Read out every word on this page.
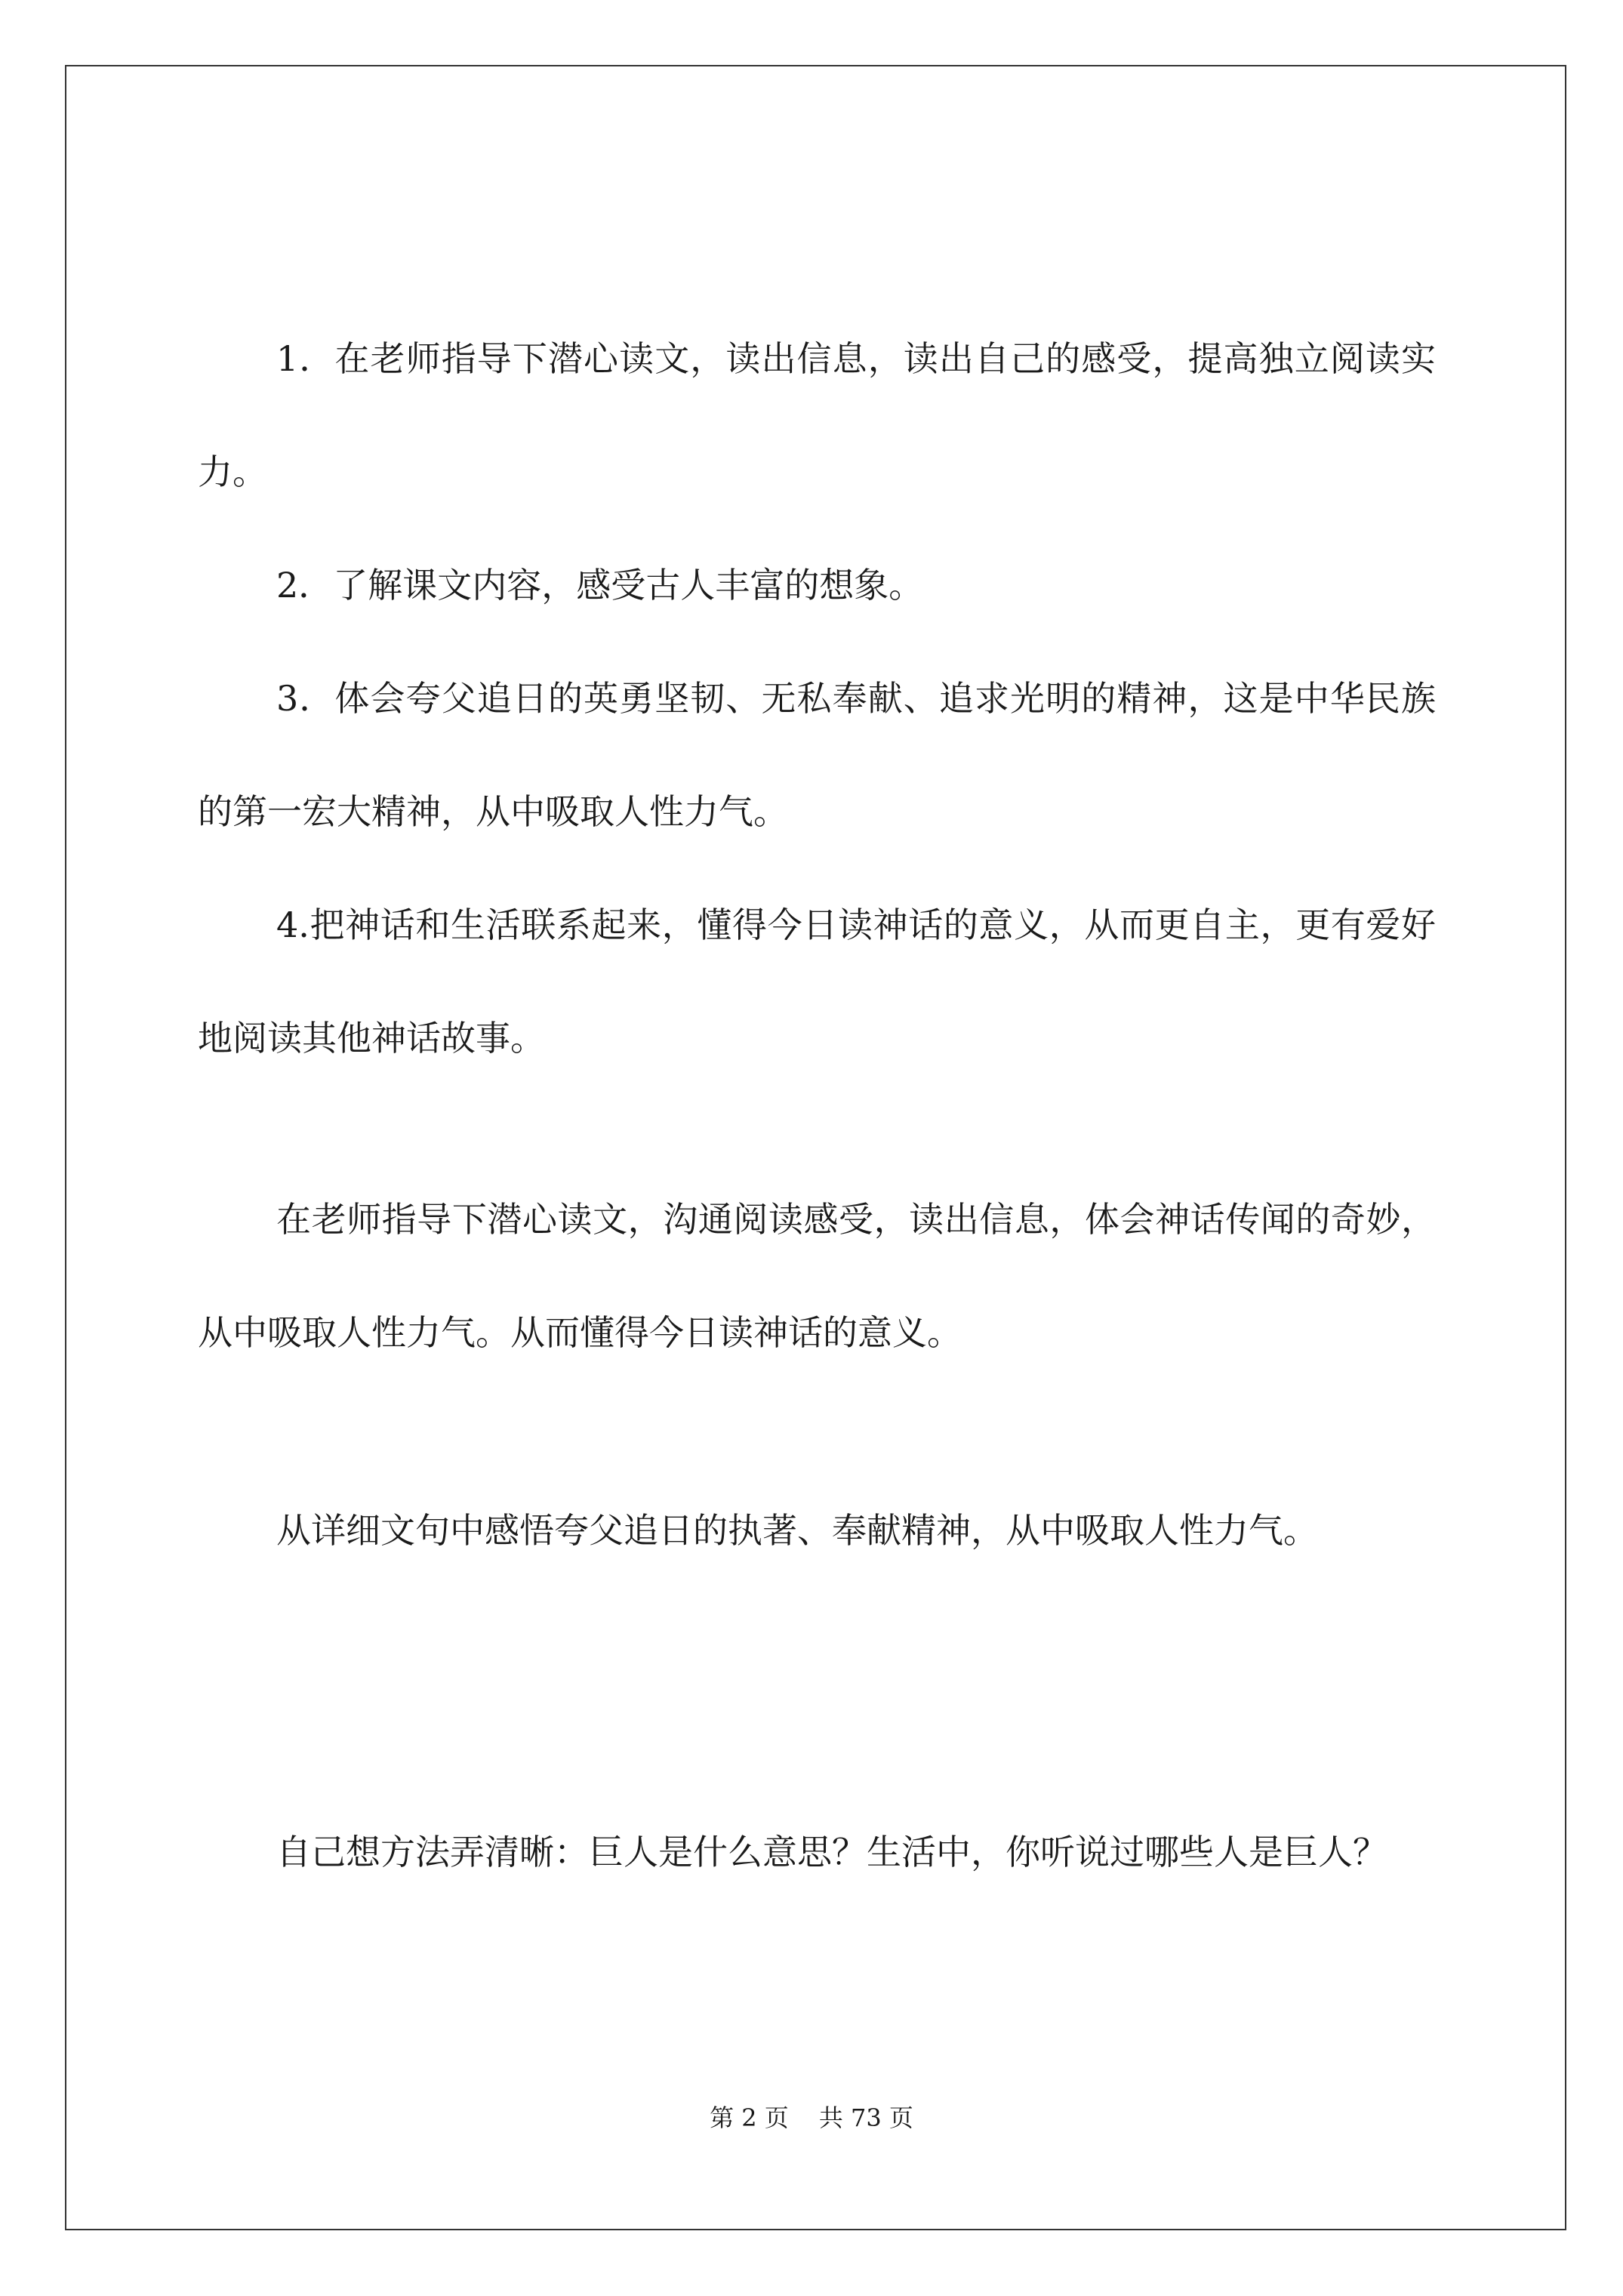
1．在老师指导下潜心读文，读出信息，读出自己的感受，提高独立阅读实力。

2．了解课文内容，感受古人丰富的想象。

3．体会夸父追日的英勇坚韧、无私奉献、追求光明的精神，这是中华民族的第一宏大精神，从中吸取人性力气。

4.把神话和生活联系起来，懂得今日读神话的意义，从而更自主，更有爱好地阅读其他神话故事。

在老师指导下潜心读文，沟通阅读感受，读出信息，体会神话传闻的奇妙，从中吸取人性力气。从而懂得今日读神话的意义。

从详细文句中感悟夸父追日的执著、奉献精神，从中吸取人性力气。

自己想方法弄清晰：巨人是什么意思？生活中，你听说过哪些人是巨人？

第 2 页 共 73 页
